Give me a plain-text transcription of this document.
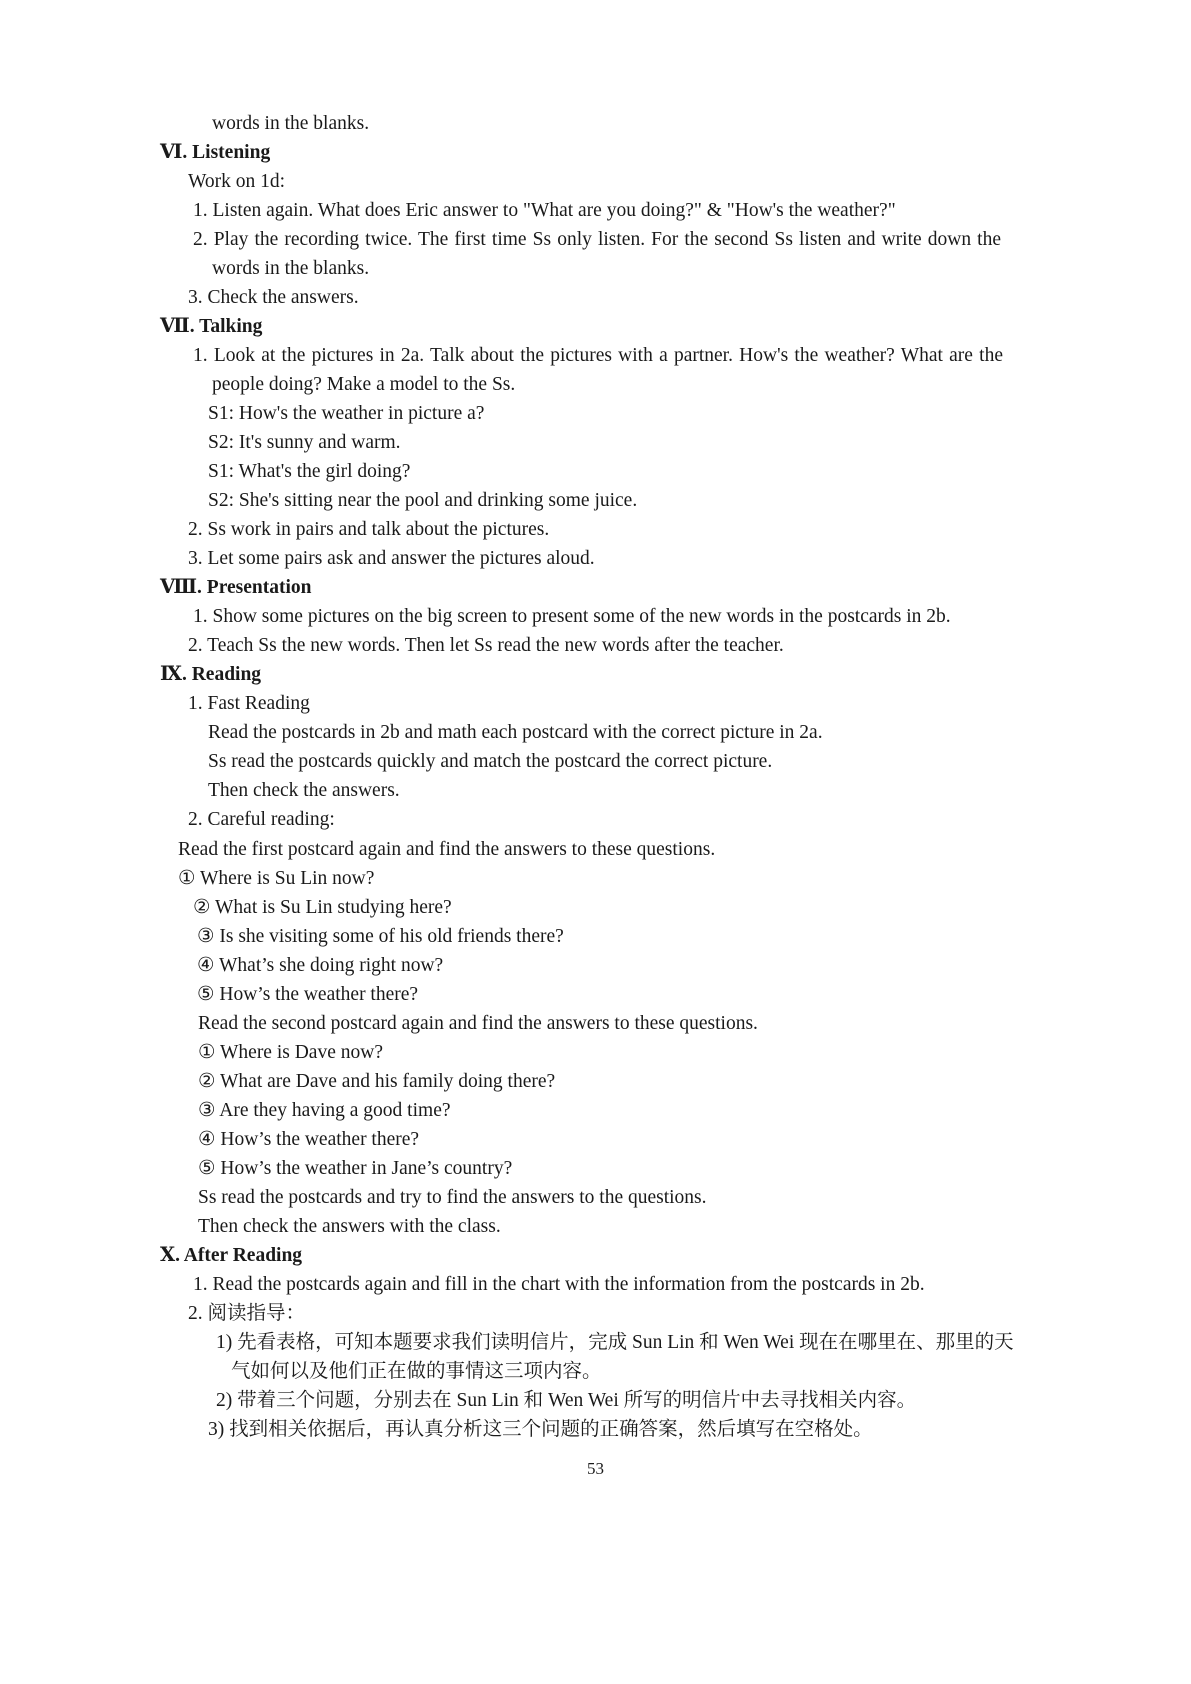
words in the blanks.
Ⅵ. Listening
Work on 1d:
1. Listen again. What does Eric answer to "What are you doing?" & "How's the weather?"
2. Play the recording twice. The first time Ss only listen. For the second Ss listen and write down the
words in the blanks.
3. Check the answers.
Ⅶ. Talking
1. Look at the pictures in 2a. Talk about the pictures with a partner. How's the weather? What are the
people doing? Make a model to the Ss.
S1: How's the weather in picture a?
S2: It's sunny and warm.
S1: What's the girl doing?
S2: She's sitting near the pool and drinking some juice.
2. Ss work in pairs and talk about the pictures.
3. Let some pairs ask and answer the pictures aloud.
Ⅷ. Presentation
1. Show some pictures on the big screen to present some of the new words in the postcards in 2b.
2. Teach Ss the new words. Then let Ss read the new words after the teacher.
Ⅸ. Reading
1. Fast Reading
Read the postcards in 2b and math each postcard with the correct picture in 2a.
Ss read the postcards quickly and match the postcard the correct picture.
Then check the answers.
2. Careful reading:
Read the first postcard again and find the answers to these questions.
① Where is Su Lin now?
② What is Su Lin studying here?
③ Is she visiting some of his old friends there?
④ What’s she doing right now?
⑤ How’s the weather there?
Read the second postcard again and find the answers to these questions.
① Where is Dave now?
② What are Dave and his family doing there?
③ Are they having a good time?
④ How’s the weather there?
⑤ How’s the weather in Jane’s country?
Ss read the postcards and try to find the answers to the questions.
Then check the answers with the class.
Ⅹ. After Reading
1. Read the postcards again and fill in the chart with the information from the postcards in 2b.
2. 阅读指导：
1) 先看表格，可知本题要求我们读明信片，完成 Sun Lin 和 Wen Wei 现在在哪里在、那里的天
气如何以及他们正在做的事情这三项内容。
2) 带着三个问题，分别去在 Sun Lin 和 Wen Wei 所写的明信片中去寻找相关内容。
3) 找到相关依据后，再认真分析这三个问题的正确答案，然后填写在空格处。
53
